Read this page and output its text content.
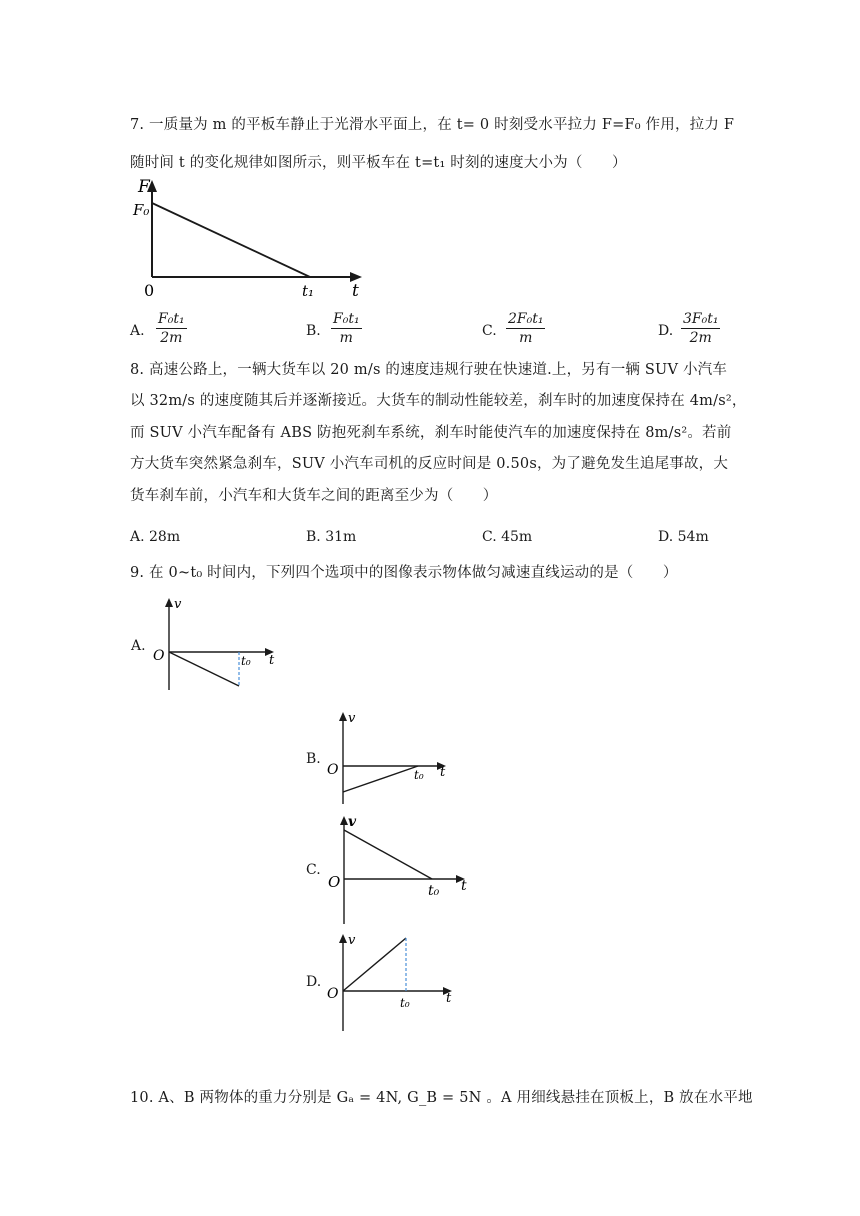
7. 一质量为 m 的平板车静止于光滑水平面上，在 t= 0 时刻受水平拉力 F=F₀ 作用，拉力 F
随时间 t 的变化规律如图所示，则平板车在 t=t₁ 时刻的速度大小为（　　）
F
t
F₀
t₁
0
A. $\frac{\text{F₀t₁}}{2m}$	B. $\frac{\text{F₀t₁}}{m}$	C. $\frac{\text{2F₀t₁}}{m}$	D. $\frac{\text{3F₀t₁}}{2m}$
8. 高速公路上，一辆大货车以 20 m/s 的速度违规行驶在快速道.上，另有一辆 SUV 小汽车
以 32m/s 的速度随其后并逐渐接近。大货车的制动性能较差，刹车时的加速度保持在 4m/s²，
而 SUV 小汽车配备有 ABS 防抱死刹车系统，刹车时能使汽车的加速度保持在 8m/s²。若前
方大货车突然紧急刹车，SUV 小汽车司机的反应时间是 0.50s，为了避免发生追尾事故，大
货车刹车前，小汽车和大货车之间的距离至少为（　　）
A. 28m	B. 31m	C. 45m	D. 54m
9. 在 0~t₀ 时间内，下列四个选项中的图像表示物体做匀减速直线运动的是（　　）
A.
v
t
O	t₀
B.
v
t
O	t₀
C.
v
t
O	t₀
D.
v
t
O
t₀
10. A、B 两物体的重力分别是 Gₐ = 4N, G_B = 5N 。A 用细线悬挂在顶板上，B 放在水平地
